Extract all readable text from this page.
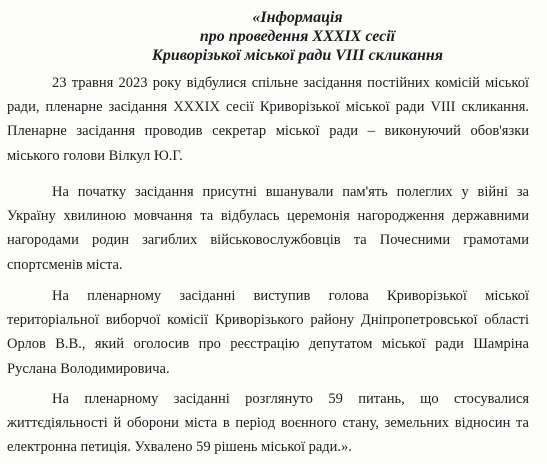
«Інформація
про проведення XXXIX сесії
Криворізької міської ради VIII скликання

23 травня 2023 року відбулися спільне засідання постійних комісій міської ради, пленарне засідання XXXIX сесії Криворізької міської ради VIII скликання. Пленарне засідання проводив секретар міської ради – виконуючий обов'язки міського голови Вілкул Ю.Г.

На початку засідання присутні вшанували пам'ять полеглих у війні за Україну хвилиною мовчання та відбулась церемонія нагородження державними нагородами родин загиблих військовослужбовців та Почесними грамотами спортсменів міста.

На пленарному засіданні виступив голова Криворізької міської територіальної виборчої комісії Криворізького району Дніпропетровської області Орлов В.В., який оголосив про реєстрацію депутатом міської ради Шамріна Руслана Володимировича.

На пленарному засіданні розглянуто 59 питань, що стосувалися життєдіяльності й оборони міста в період воєнного стану, земельних відносин та електронна петиція. Ухвалено 59 рішень міської ради.».
